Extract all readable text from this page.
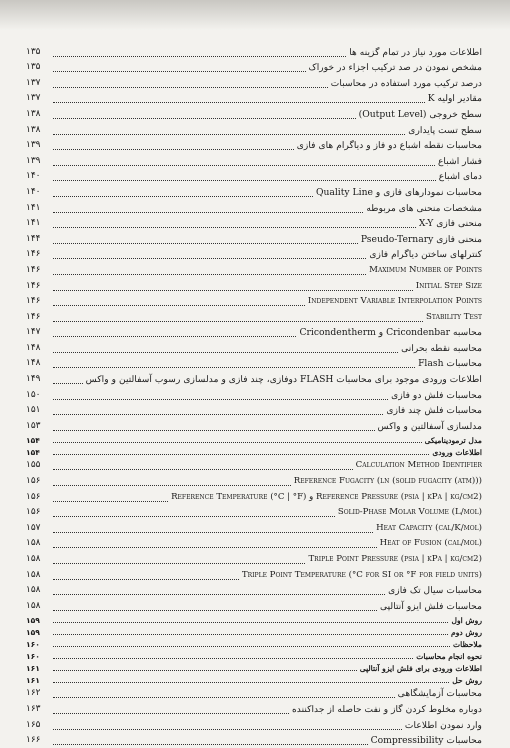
اطلاعات مورد نیاز در تمام گزینه ها
۱۳۵
مشخص نمودن در صد ترکیب اجزاء در خوراک
۱۳۵
درصد ترکیب مورد استفاده در محاسبات
۱۳۷
مقادیر اولیه K
۱۳۷
سطح خروجی (Output Level)
۱۳۸
سطح تست پایداری
۱۳۸
محاسبات نقطه اشباع دو فاز و دیاگرام های فازی
۱۳۹
فشار اشباع
۱۳۹
دمای اشباع
۱۴۰
محاسبات نمودارهای فازی و Quality Line
۱۴۰
مشخصات منحنی های مربوطه
۱۴۱
منحنی فازی X-Y
۱۴۱
منحنی فازی Pseudo-Ternary
۱۴۴
کنترلهای ساختن دیاگرام فازی
۱۴۶
Maximum Number of Points
۱۴۶
Initial Step Size
۱۴۶
Independent Variable Interpolation Points
۱۴۶
Stability Test
۱۴۶
محاسبه Cricondenbar و Cricondentherm
۱۴۷
محاسبه نقطه بحرانی
۱۴۸
محاسبات Flash
۱۴۸
اطلاعات ورودی موجود برای محاسبات FLASH دوفازی، چند فازی و مدلسازی رسوب آسفالتین و واکس
۱۴۹
محاسبات فلش دو فازی
۱۵۰
محاسبات فلش چند فازی
۱۵۱
مدلسازی آسفالتین و واکس
۱۵۳
مدل ترمودینامیکی
۱۵۴
اطلاعات ورودی
۱۵۴
Calculation Method Identifier
۱۵۵
Reference Fugacity (ln (solid fugacity (atm)))
۱۵۶
Reference Pressure (psia | kPa | kg/cm2) و Reference Temperature (°C | °F)
۱۵۶
Solid-Phase Molar Volume (L/mol)
۱۵۶
Heat Capacity (cal/K/mol)
۱۵۷
Heat of Fusion (cal/mol)
۱۵۸
Triple Point Pressure (psia | kPa | kg/cm2)
۱۵۸
Triple Point Temperature (°C for SI or °F for field units)
۱۵۸
محاسبات سیال تک فازی
۱۵۸
محاسبات فلش ایزو آنتالپی
۱۵۸
روش اول
۱۵۹
روش دوم
۱۵۹
ملاحظات
۱۶۰
نحوه انجام محاسبات
۱۶۰
اطلاعات ورودی برای فلش ایزو آنتالپی
۱۶۱
روش حل
۱۶۱
محاسبات آزمایشگاهی
۱۶۲
دوباره مخلوط کردن گاز و نفت حاصله از جداکننده
۱۶۳
وارد نمودن اطلاعات
۱۶۵
محاسبات Compressibility
۱۶۶
